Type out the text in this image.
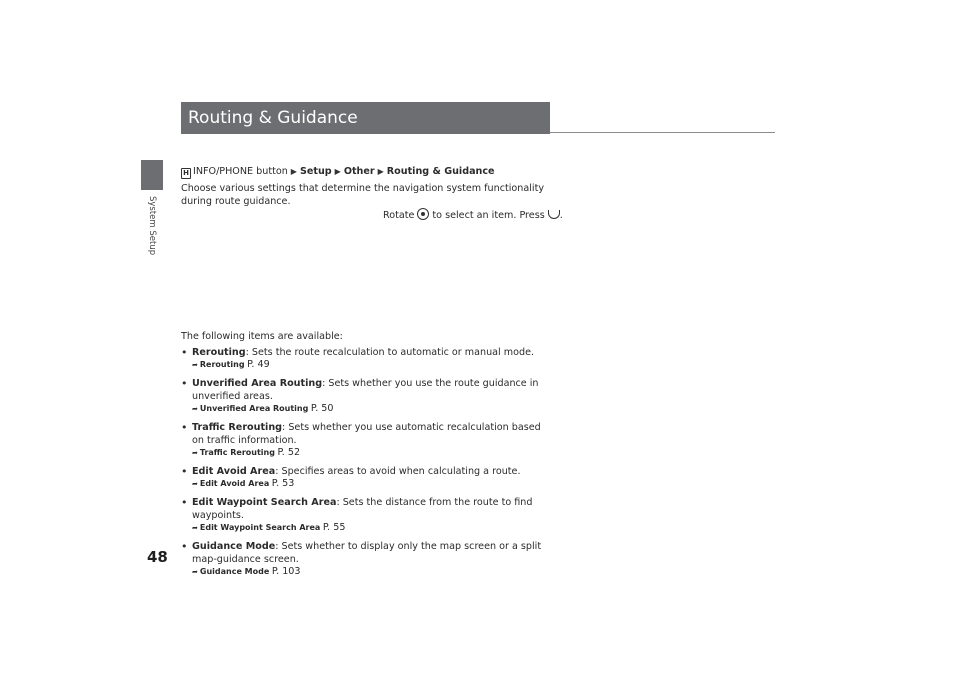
System Setup
48
Routing & Guidance
H INFO/PHONE button ▶ Setup ▶ Other ▶ Routing & Guidance
Choose various settings that determine the navigation system functionality during route guidance.
Rotate to select an item. Press .
The following items are available:
• Rerouting: Sets the route recalculation to automatic or manual mode.
➦ Rerouting P. 49
• Unverified Area Routing: Sets whether you use the route guidance in unverified areas.
➦ Unverified Area Routing P. 50
• Traffic Rerouting: Sets whether you use automatic recalculation based on traffic information.
➦ Traffic Rerouting P. 52
• Edit Avoid Area: Specifies areas to avoid when calculating a route.
➦ Edit Avoid Area P. 53
• Edit Waypoint Search Area: Sets the distance from the route to find waypoints.
➦ Edit Waypoint Search Area P. 55
• Guidance Mode: Sets whether to display only the map screen or a split map-guidance screen.
➦ Guidance Mode P. 103
